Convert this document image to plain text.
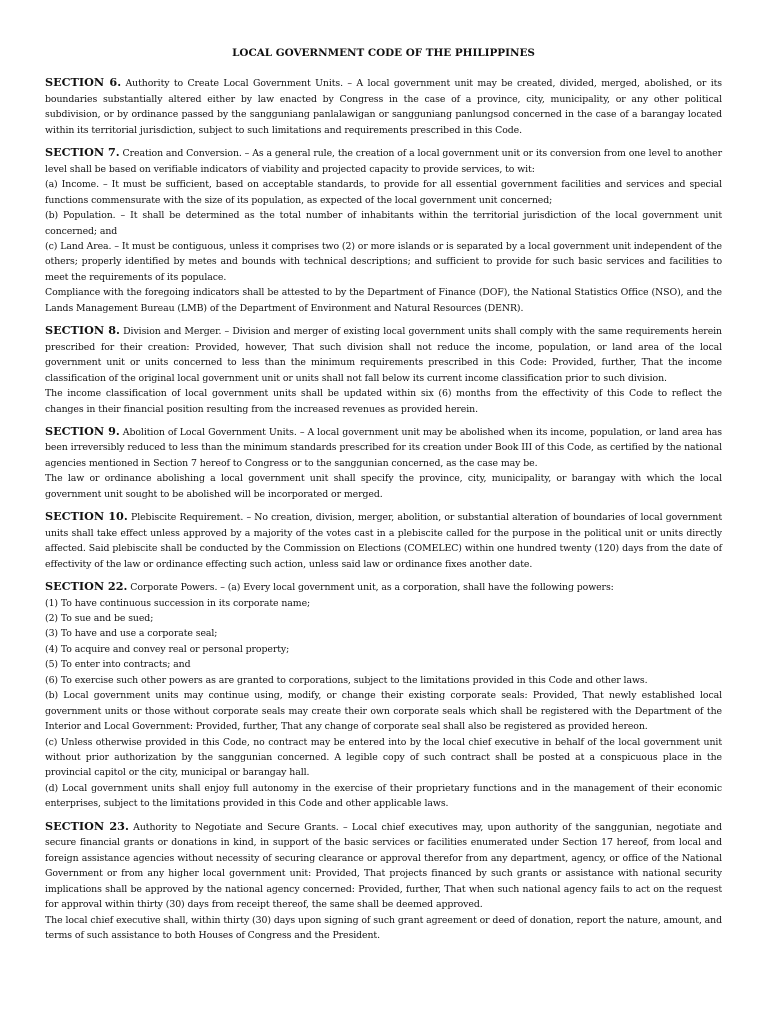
LOCAL GOVERNMENT CODE OF THE PHILIPPINES

SECTION 6. Authority to Create Local Government Units. – A local government unit may be created, divided, merged, abolished, or its boundaries substantially altered either by law enacted by Congress in the case of a province, city, municipality, or any other political subdivision, or by ordinance passed by the sangguniang panlalawigan or sangguniang panlungsod concerned in the case of a barangay located within its territorial jurisdiction, subject to such limitations and requirements prescribed in this Code.

SECTION 7. Creation and Conversion. – As a general rule, the creation of a local government unit or its conversion from one level to another level shall be based on verifiable indicators of viability and projected capacity to provide services, to wit:

(a) Income. – It must be sufficient, based on acceptable standards, to provide for all essential government facilities and services and special functions commensurate with the size of its population, as expected of the local government unit concerned;

(b) Population. – It shall be determined as the total number of inhabitants within the territorial jurisdiction of the local government unit concerned; and

(c) Land Area. – It must be contiguous, unless it comprises two (2) or more islands or is separated by a local government unit independent of the others; properly identified by metes and bounds with technical descriptions; and sufficient to provide for such basic services and facilities to meet the requirements of its populace.

Compliance with the foregoing indicators shall be attested to by the Department of Finance (DOF), the National Statistics Office (NSO), and the Lands Management Bureau (LMB) of the Department of Environment and Natural Resources (DENR).

SECTION 8. Division and Merger. – Division and merger of existing local government units shall comply with the same requirements herein prescribed for their creation: Provided, however, That such division shall not reduce the income, population, or land area of the local government unit or units concerned to less than the minimum requirements prescribed in this Code: Provided, further, That the income classification of the original local government unit or units shall not fall below its current income classification prior to such division.

The income classification of local government units shall be updated within six (6) months from the effectivity of this Code to reflect the changes in their financial position resulting from the increased revenues as provided herein.

SECTION 9. Abolition of Local Government Units. – A local government unit may be abolished when its income, population, or land area has been irreversibly reduced to less than the minimum standards prescribed for its creation under Book III of this Code, as certified by the national agencies mentioned in Section 7 hereof to Congress or to the sanggunian concerned, as the case may be.

The law or ordinance abolishing a local government unit shall specify the province, city, municipality, or barangay with which the local government unit sought to be abolished will be incorporated or merged.

SECTION 10. Plebiscite Requirement. – No creation, division, merger, abolition, or substantial alteration of boundaries of local government units shall take effect unless approved by a majority of the votes cast in a plebiscite called for the purpose in the political unit or units directly affected. Said plebiscite shall be conducted by the Commission on Elections (COMELEC) within one hundred twenty (120) days from the date of effectivity of the law or ordinance effecting such action, unless said law or ordinance fixes another date.

SECTION 22. Corporate Powers. – (a) Every local government unit, as a corporation, shall have the following powers:

(1) To have continuous succession in its corporate name;

(2) To sue and be sued;

(3) To have and use a corporate seal;

(4) To acquire and convey real or personal property;

(5) To enter into contracts; and

(6) To exercise such other powers as are granted to corporations, subject to the limitations provided in this Code and other laws.

(b) Local government units may continue using, modify, or change their existing corporate seals: Provided, That newly established local government units or those without corporate seals may create their own corporate seals which shall be registered with the Department of the Interior and Local Government: Provided, further, That any change of corporate seal shall also be registered as provided hereon.

(c) Unless otherwise provided in this Code, no contract may be entered into by the local chief executive in behalf of the local government unit without prior authorization by the sanggunian concerned. A legible copy of such contract shall be posted at a conspicuous place in the provincial capitol or the city, municipal or barangay hall.

(d) Local government units shall enjoy full autonomy in the exercise of their proprietary functions and in the management of their economic enterprises, subject to the limitations provided in this Code and other applicable laws.

SECTION 23. Authority to Negotiate and Secure Grants. – Local chief executives may, upon authority of the sanggunian, negotiate and secure financial grants or donations in kind, in support of the basic services or facilities enumerated under Section 17 hereof, from local and foreign assistance agencies without necessity of securing clearance or approval therefor from any department, agency, or office of the National Government or from any higher local government unit: Provided, That projects financed by such grants or assistance with national security implications shall be approved by the national agency concerned: Provided, further, That when such national agency fails to act on the request for approval within thirty (30) days from receipt thereof, the same shall be deemed approved.

The local chief executive shall, within thirty (30) days upon signing of such grant agreement or deed of donation, report the nature, amount, and terms of such assistance to both Houses of Congress and the President.
